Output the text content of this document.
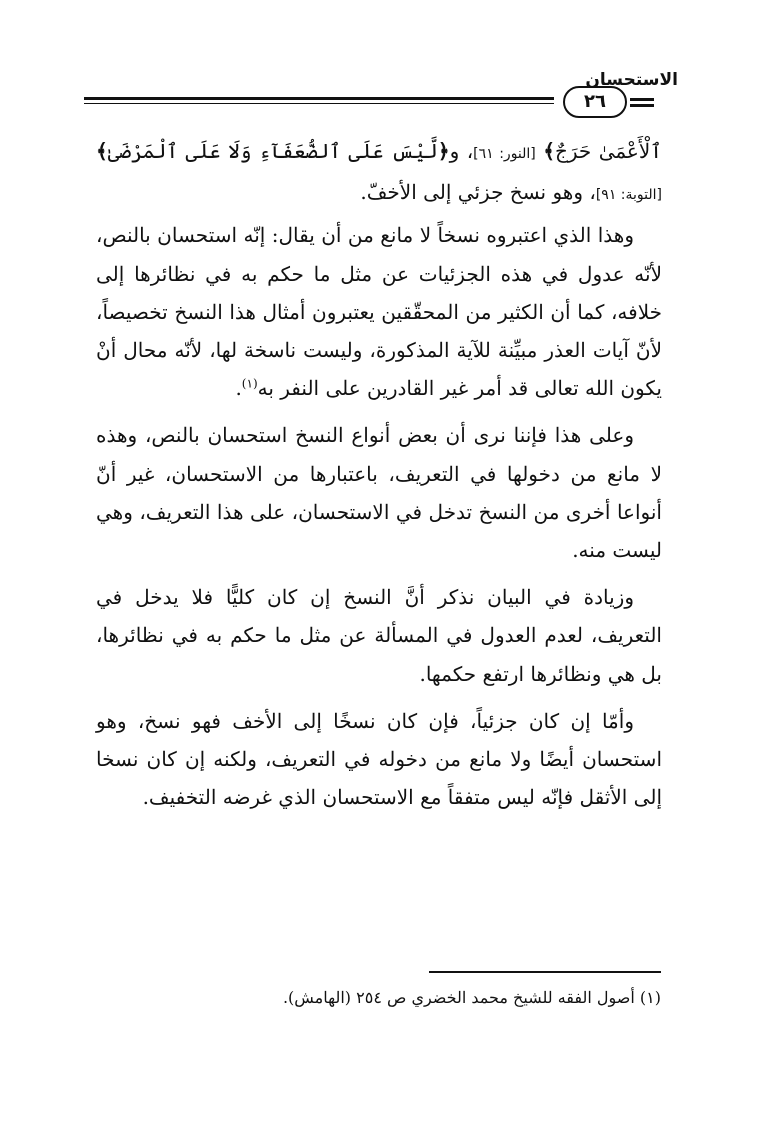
الاستحسان
٢٦

ٱلْأَعْمَىٰ حَرَجٌ﴾ [النور: ٦١]، و﴿لَّيْسَ عَلَى ٱلضُّعَفَآءِ وَلَا عَلَى ٱلْمَرْضَىٰ﴾ [التوبة: ٩١]، وهو نسخ جزئي إلى الأخفّ.

وهذا الذي اعتبروه نسخاً لا مانع من أن يقال: إنّه استحسان بالنص، لأنّه عدول في هذه الجزئيات عن مثل ما حكم به في نظائرها إلى خلافه، كما أن الكثير من المحقّقين يعتبرون أمثال هذا النسخ تخصيصاً، لأنّ آيات العذر مبيِّنة للآية المذكورة، وليست ناسخة لها، لأنّه محال أنْ يكون الله تعالى قد أمر غير القادرين على النفر به$^{(١)}$.

وعلى هذا فإننا نرى أن بعض أنواع النسخ استحسان بالنص، وهذه لا مانع من دخولها في التعريف، باعتبارها من الاستحسان، غير أنّ أنواعا أخرى من النسخ تدخل في الاستحسان، على هذا التعريف، وهي ليست منه.

وزيادة في البيان نذكر أنَّ النسخ إن كان كليًّا فلا يدخل في التعريف، لعدم العدول في المسألة عن مثل ما حكم به في نظائرها، بل هي ونظائرها ارتفع حكمها.

وأمّا إن كان جزئياً، فإن كان نسخًا إلى الأخف فهو نسخ، وهو استحسان أيضًا ولا مانع من دخوله في التعريف، ولكنه إن كان نسخا إلى الأثقل فإنّه ليس متفقاً مع الاستحسان الذي غرضه التخفيف.

(١) أصول الفقه للشيخ محمد الخضري ص ٢٥٤ (الهامش).
